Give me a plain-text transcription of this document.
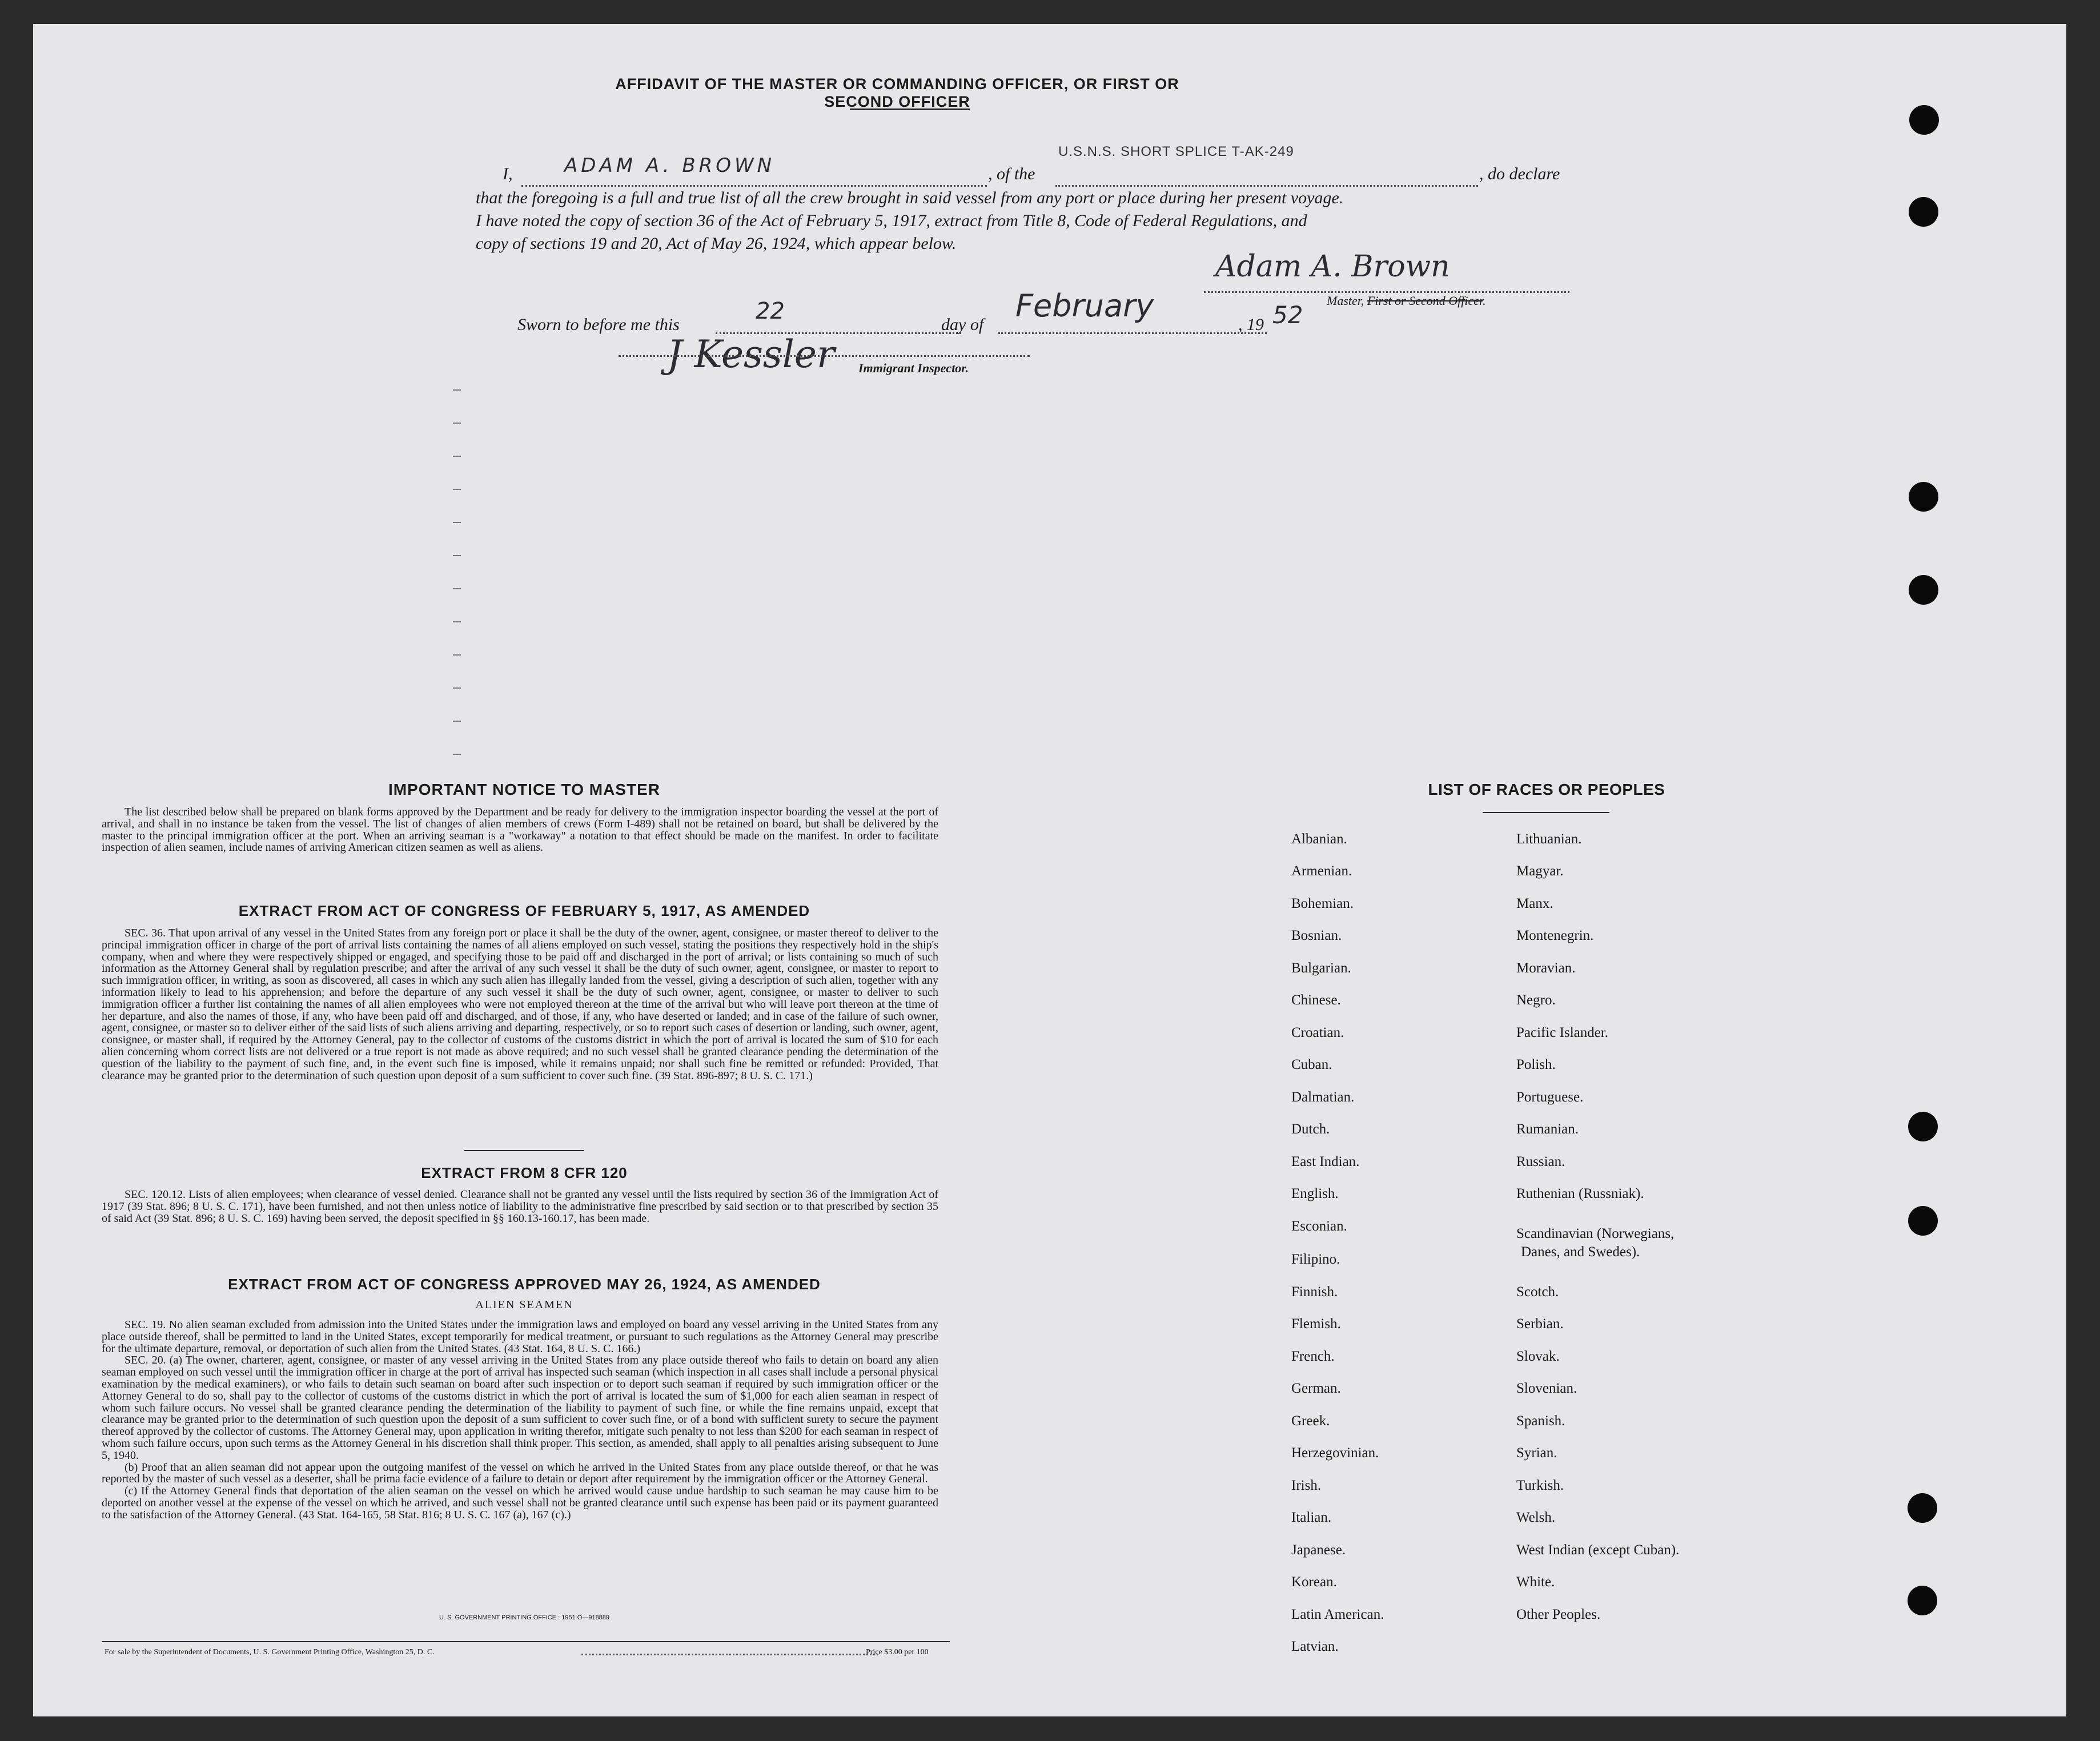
AFFIDAVIT OF THE MASTER OR COMMANDING OFFICER, OR FIRST OR SECOND OFFICER
I,	ADAM A. BROWN	, of the
U.S.N.S. SHORT SPLICE T-AK-249
, do declare
that the foregoing is a full and true list of all the crew brought in said vessel from any port or place during her present voyage.
I have noted the copy of section 36 of the Act of February 5, 1917, extract from Title 8, Code of Federal Regulations, and
copy of sections 19 and 20, Act of May 26, 1924, which appear below.
Adam A. Brown
Master, First or Second Officer.
Sworn to before me this
22
day of
February
, 19 52
J Kessler Immigrant Inspector.
IMPORTANT NOTICE TO MASTER

The list described below shall be prepared on blank forms approved by the Department and be ready for delivery to the immigration inspector boarding the vessel at the port of arrival, and shall in no instance be taken from the vessel. The list of changes of alien members of crews (Form I-489) shall not be retained on board, but shall be delivered by the master to the principal immigration officer at the port. When an arriving seaman is a "workaway" a notation to that effect should be made on the manifest. In order to facilitate inspection of alien seamen, include names of arriving American citizen seamen as well as aliens.

EXTRACT FROM ACT OF CONGRESS OF FEBRUARY 5, 1917, AS AMENDED

SEC. 36. That upon arrival of any vessel in the United States from any foreign port or place it shall be the duty of the owner, agent, consignee, or master thereof to deliver to the principal immigration officer in charge of the port of arrival lists containing the names of all aliens employed on such vessel, stating the positions they respectively hold in the ship's company, when and where they were respectively shipped or engaged, and specifying those to be paid off and discharged in the port of arrival; or lists containing so much of such information as the Attorney General shall by regulation prescribe; and after the arrival of any such vessel it shall be the duty of such owner, agent, consignee, or master to report to such immigration officer, in writing, as soon as discovered, all cases in which any such alien has illegally landed from the vessel, giving a description of such alien, together with any information likely to lead to his apprehension; and before the departure of any such vessel it shall be the duty of such owner, agent, consignee, or master to deliver to such immigration officer a further list containing the names of all alien employees who were not employed thereon at the time of the arrival but who will leave port thereon at the time of her departure, and also the names of those, if any, who have been paid off and discharged, and of those, if any, who have deserted or landed; and in case of the failure of such owner, agent, consignee, or master so to deliver either of the said lists of such aliens arriving and departing, respectively, or so to report such cases of desertion or landing, such owner, agent, consignee, or master shall, if required by the Attorney General, pay to the collector of customs of the customs district in which the port of arrival is located the sum of $10 for each alien concerning whom correct lists are not delivered or a true report is not made as above required; and no such vessel shall be granted clearance pending the determination of the question of the liability to the payment of such fine, and, in the event such fine is imposed, while it remains unpaid; nor shall such fine be remitted or refunded: Provided, That clearance may be granted prior to the determination of such question upon deposit of a sum sufficient to cover such fine. (39 Stat. 896-897; 8 U. S. C. 171.)

EXTRACT FROM 8 CFR 120

SEC. 120.12. Lists of alien employees; when clearance of vessel denied. Clearance shall not be granted any vessel until the lists required by section 36 of the Immigration Act of 1917 (39 Stat. 896; 8 U. S. C. 171), have been furnished, and not then unless notice of liability to the administrative fine prescribed by said section or to that prescribed by section 35 of said Act (39 Stat. 896; 8 U. S. C. 169) having been served, the deposit specified in §§ 160.13-160.17, has been made.

EXTRACT FROM ACT OF CONGRESS APPROVED MAY 26, 1924, AS AMENDED
ALIEN SEAMEN

SEC. 19. No alien seaman excluded from admission into the United States under the immigration laws and employed on board any vessel arriving in the United States from any place outside thereof, shall be permitted to land in the United States, except temporarily for medical treatment, or pursuant to such regulations as the Attorney General may prescribe for the ultimate departure, removal, or deportation of such alien from the United States. (43 Stat. 164, 8 U. S. C. 166.)

SEC. 20. (a) The owner, charterer, agent, consignee, or master of any vessel arriving in the United States from any place outside thereof who fails to detain on board any alien seaman employed on such vessel until the immigration officer in charge at the port of arrival has inspected such seaman (which inspection in all cases shall include a personal physical examination by the medical examiners), or who fails to detain such seaman on board after such inspection or to deport such seaman if required by such immigration officer or the Attorney General to do so, shall pay to the collector of customs of the customs district in which the port of arrival is located the sum of $1,000 for each alien seaman in respect of whom such failure occurs. No vessel shall be granted clearance pending the determination of the liability to payment of such fine, or while the fine remains unpaid, except that clearance may be granted prior to the determination of such question upon the deposit of a sum sufficient to cover such fine, or of a bond with sufficient surety to secure the payment thereof approved by the collector of customs. The Attorney General may, upon application in writing therefor, mitigate such penalty to not less than $200 for each seaman in respect of whom such failure occurs, upon such terms as the Attorney General in his discretion shall think proper. This section, as amended, shall apply to all penalties arising subsequent to June 5, 1940.

(b) Proof that an alien seaman did not appear upon the outgoing manifest of the vessel on which he arrived in the United States from any place outside thereof, or that he was reported by the master of such vessel as a deserter, shall be prima facie evidence of a failure to detain or deport after requirement by the immigration officer or the Attorney General.

(c) If the Attorney General finds that deportation of the alien seaman on the vessel on which he arrived would cause undue hardship to such seaman he may cause him to be deported on another vessel at the expense of the vessel on which he arrived, and such vessel shall not be granted clearance until such expense has been paid or its payment guaranteed to the satisfaction of the Attorney General. (43 Stat. 164-165, 58 Stat. 816; 8 U. S. C. 167 (a), 167 (c).)

U. S. GOVERNMENT PRINTING OFFICE : 1951 O—918889
For sale by the Superintendent of Documents, U. S. Government Printing Office, Washington 25, D. C.	Price $3.00 per 100
LIST OF RACES OR PEOPLES
Albanian.
Armenian.
Bohemian.
Bosnian.
Bulgarian.
Chinese.
Croatian.
Cuban.
Dalmatian.
Dutch.
East Indian.
English.
Esconian.
Filipino.
Finnish.
Flemish.
French.
German.
Greek.
Herzegovinian.
Irish.
Italian.
Japanese.
Korean.
Latin American.
Latvian.
Lithuanian.
Magyar.
Manx.
Montenegrin.
Moravian.
Negro.
Pacific Islander.
Polish.
Portuguese.
Rumanian.
Russian.
Ruthenian (Russniak).
Scandinavian (Norwegians,
Danes, and Swedes).
Scotch.
Serbian.
Slovak.
Slovenian.
Spanish.
Syrian.
Turkish.
Welsh.
West Indian (except Cuban).
White.
Other Peoples.
